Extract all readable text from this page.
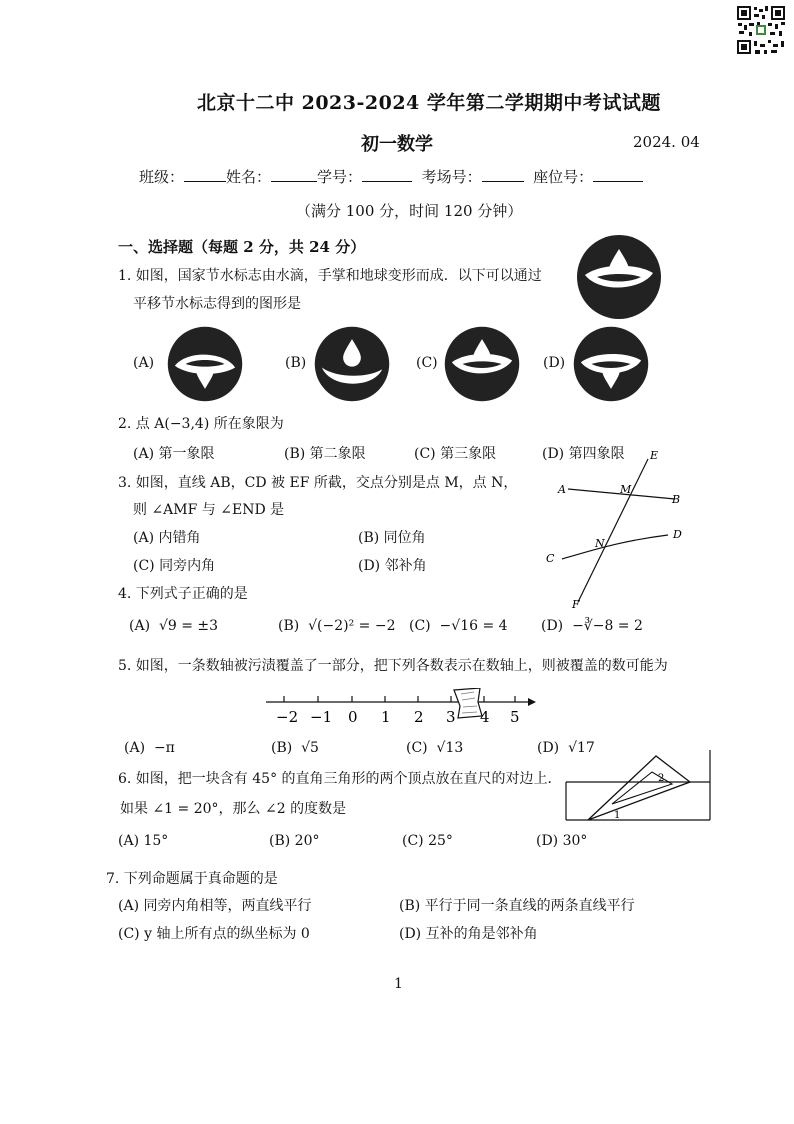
北京十二中 2023-2024 学年第二学期期中考试试题
初一数学	2024. 04
班级：	姓名：	学号：	考场号：	座位号：
（满分 100 分，时间 120 分钟）
一、选择题（每题 2 分，共 24 分）
1. 如图，国家节水标志由水滴，手掌和地球变形而成．以下可以通过
平移节水标志得到的图形是
(A)	(B)	(C)	(D)
2. 点 A(−3,4) 所在象限为
(A) 第一象限	(B) 第二象限	(C) 第三象限	(D) 第四象限
3. 如图，直线 AB，CD 被 EF 所截，交点分别是点 M，点 N，
则 ∠AMF 与 ∠END 是
(A) 内错角	(B) 同位角
(C) 同旁内角	(D) 邻补角
E
A	M
B
D
N
C
F
4. 下列式子正确的是
(A) √9 = ±3	(B) √(−2)² = −2 (C) −√16 = 4 (D) −∛−8 = 2
5. 如图，一条数轴被污渍覆盖了一部分，把下列各数表示在数轴上，则被覆盖的数可能为
−2 −1 0 1 2 3 4 5
(A) −π	(B) √5	(C) √13	(D) √17
6. 如图，把一块含有 45° 的直角三角形的两个顶点放在直尺的对边上．
如果 ∠1 = 20°，那么 ∠2 的度数是
2
1
(A) 15°	(B) 20°	(C) 25°	(D) 30°
7. 下列命题属于真命题的是
(A) 同旁内角相等，两直线平行	(B) 平行于同一条直线的两条直线平行
(C) y 轴上所有点的纵坐标为 0	(D) 互补的角是邻补角
1
